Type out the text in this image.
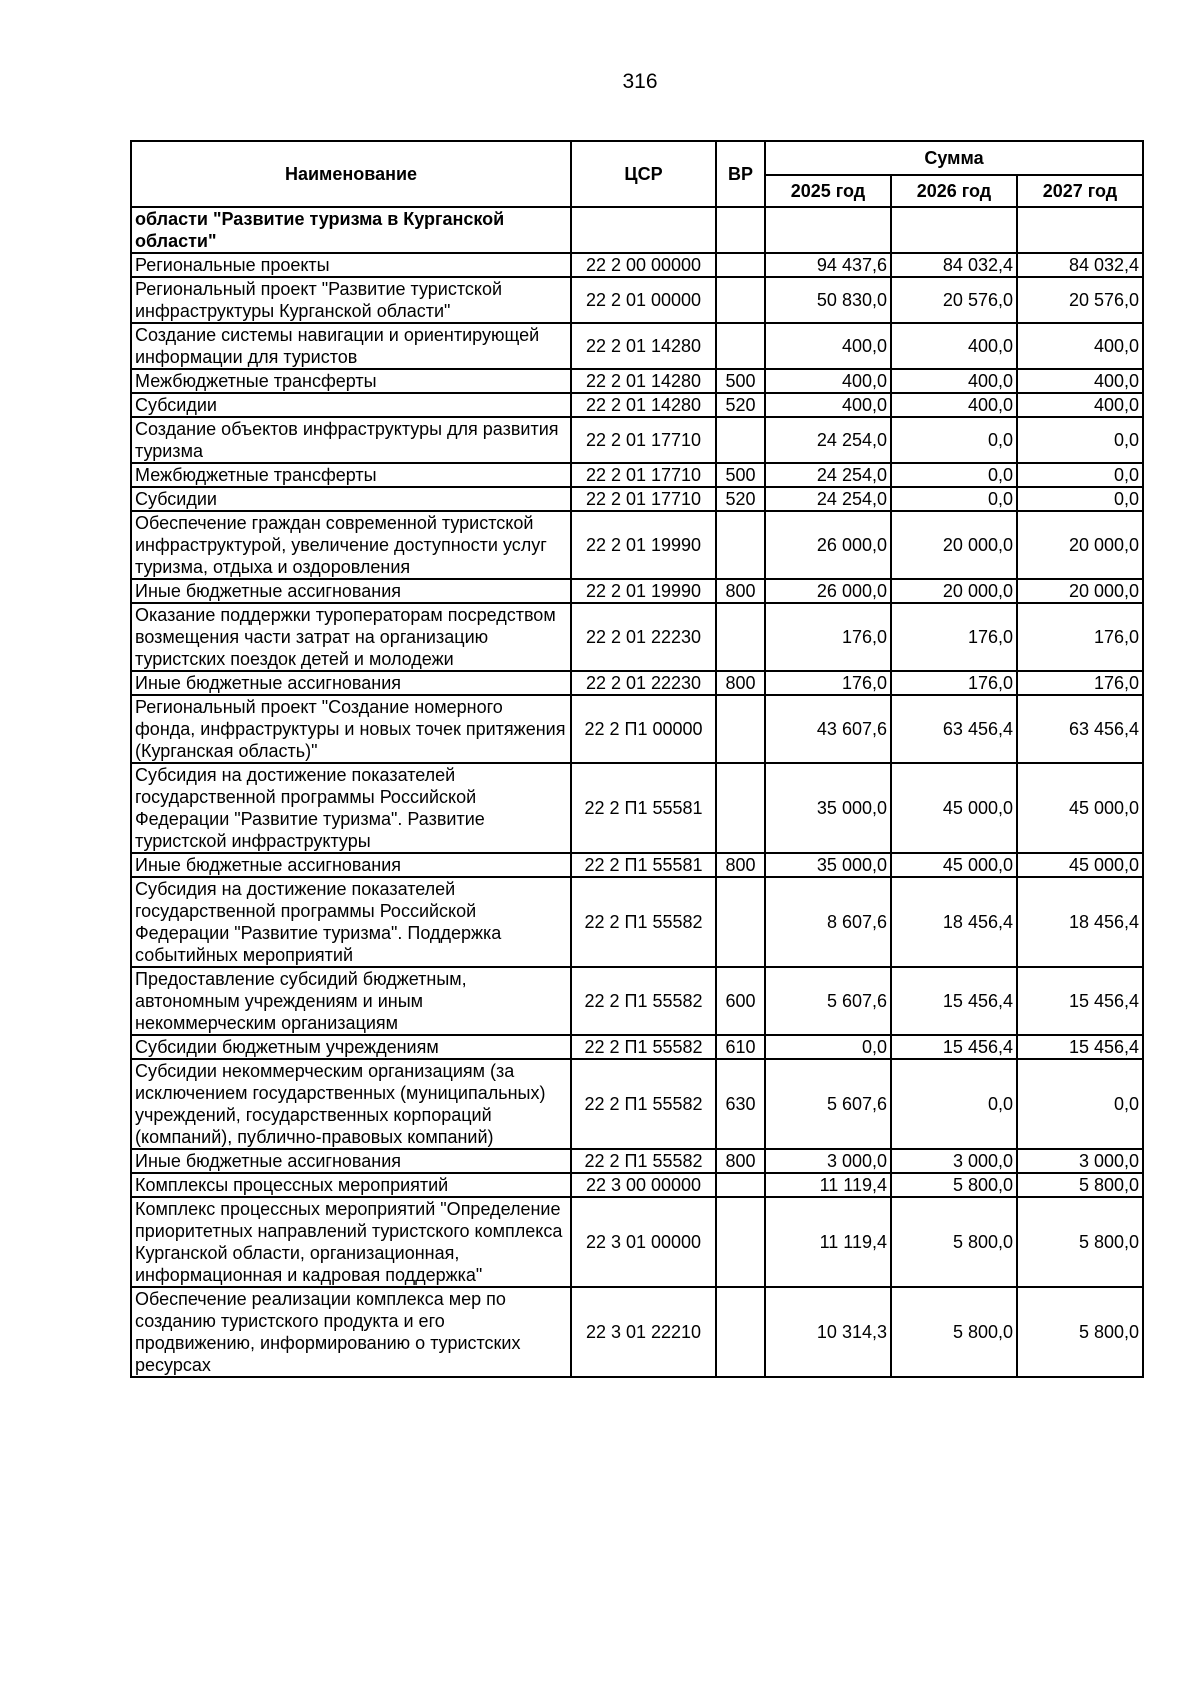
316
Наименование	ЦСР	ВР	Сумма		
			2025 год	2026 год	2027 год
области "Развитие туризма в Курганской области"					
Региональные проекты	22 2 00 00000		94 437,6	84 032,4	84 032,4
Региональный проект "Развитие туристской инфраструктуры Курганской области"	22 2 01 00000		50 830,0	20 576,0	20 576,0
Создание системы навигации и ориентирующей информации для туристов	22 2 01 14280		400,0	400,0	400,0
Межбюджетные трансферты	22 2 01 14280	500	400,0	400,0	400,0
Субсидии	22 2 01 14280	520	400,0	400,0	400,0
Создание объектов инфраструктуры для развития туризма	22 2 01 17710		24 254,0	0,0	0,0
Межбюджетные трансферты	22 2 01 17710	500	24 254,0	0,0	0,0
Субсидии	22 2 01 17710	520	24 254,0	0,0	0,0
Обеспечение граждан современной туристской инфраструктурой, увеличение доступности услуг туризма, отдыха и оздоровления	22 2 01 19990		26 000,0	20 000,0	20 000,0
Иные бюджетные ассигнования	22 2 01 19990	800	26 000,0	20 000,0	20 000,0
Оказание поддержки туроператорам посредством возмещения части затрат на организацию туристских поездок детей и молодежи	22 2 01 22230		176,0	176,0	176,0
Иные бюджетные ассигнования	22 2 01 22230	800	176,0	176,0	176,0
Региональный проект "Создание номерного фонда, инфраструктуры и новых точек притяжения (Курганская область)"	22 2 П1 00000		43 607,6	63 456,4	63 456,4
Субсидия на достижение показателей государственной программы Российской Федерации "Развитие туризма". Развитие туристской инфраструктуры	22 2 П1 55581		35 000,0	45 000,0	45 000,0
Иные бюджетные ассигнования	22 2 П1 55581	800	35 000,0	45 000,0	45 000,0
Субсидия на достижение показателей государственной программы Российской Федерации "Развитие туризма". Поддержка событийных мероприятий	22 2 П1 55582		8 607,6	18 456,4	18 456,4
Предоставление субсидий бюджетным, автономным учреждениям и иным некоммерческим организациям	22 2 П1 55582	600	5 607,6	15 456,4	15 456,4
Субсидии бюджетным учреждениям	22 2 П1 55582	610	0,0	15 456,4	15 456,4
Субсидии некоммерческим организациям (за исключением государственных (муниципальных) учреждений, государственных корпораций (компаний), публично-правовых компаний)	22 2 П1 55582	630	5 607,6	0,0	0,0
Иные бюджетные ассигнования	22 2 П1 55582	800	3 000,0	3 000,0	3 000,0
Комплексы процессных мероприятий	22 3 00 00000		11 119,4	5 800,0	5 800,0
Комплекс процессных мероприятий "Определение приоритетных направлений туристского комплекса Курганской области, организационная, информационная и кадровая поддержка"	22 3 01 00000		11 119,4	5 800,0	5 800,0
Обеспечение реализации комплекса мер по созданию туристского продукта и его продвижению, информированию о туристских ресурсах	22 3 01 22210		10 314,3	5 800,0	5 800,0
